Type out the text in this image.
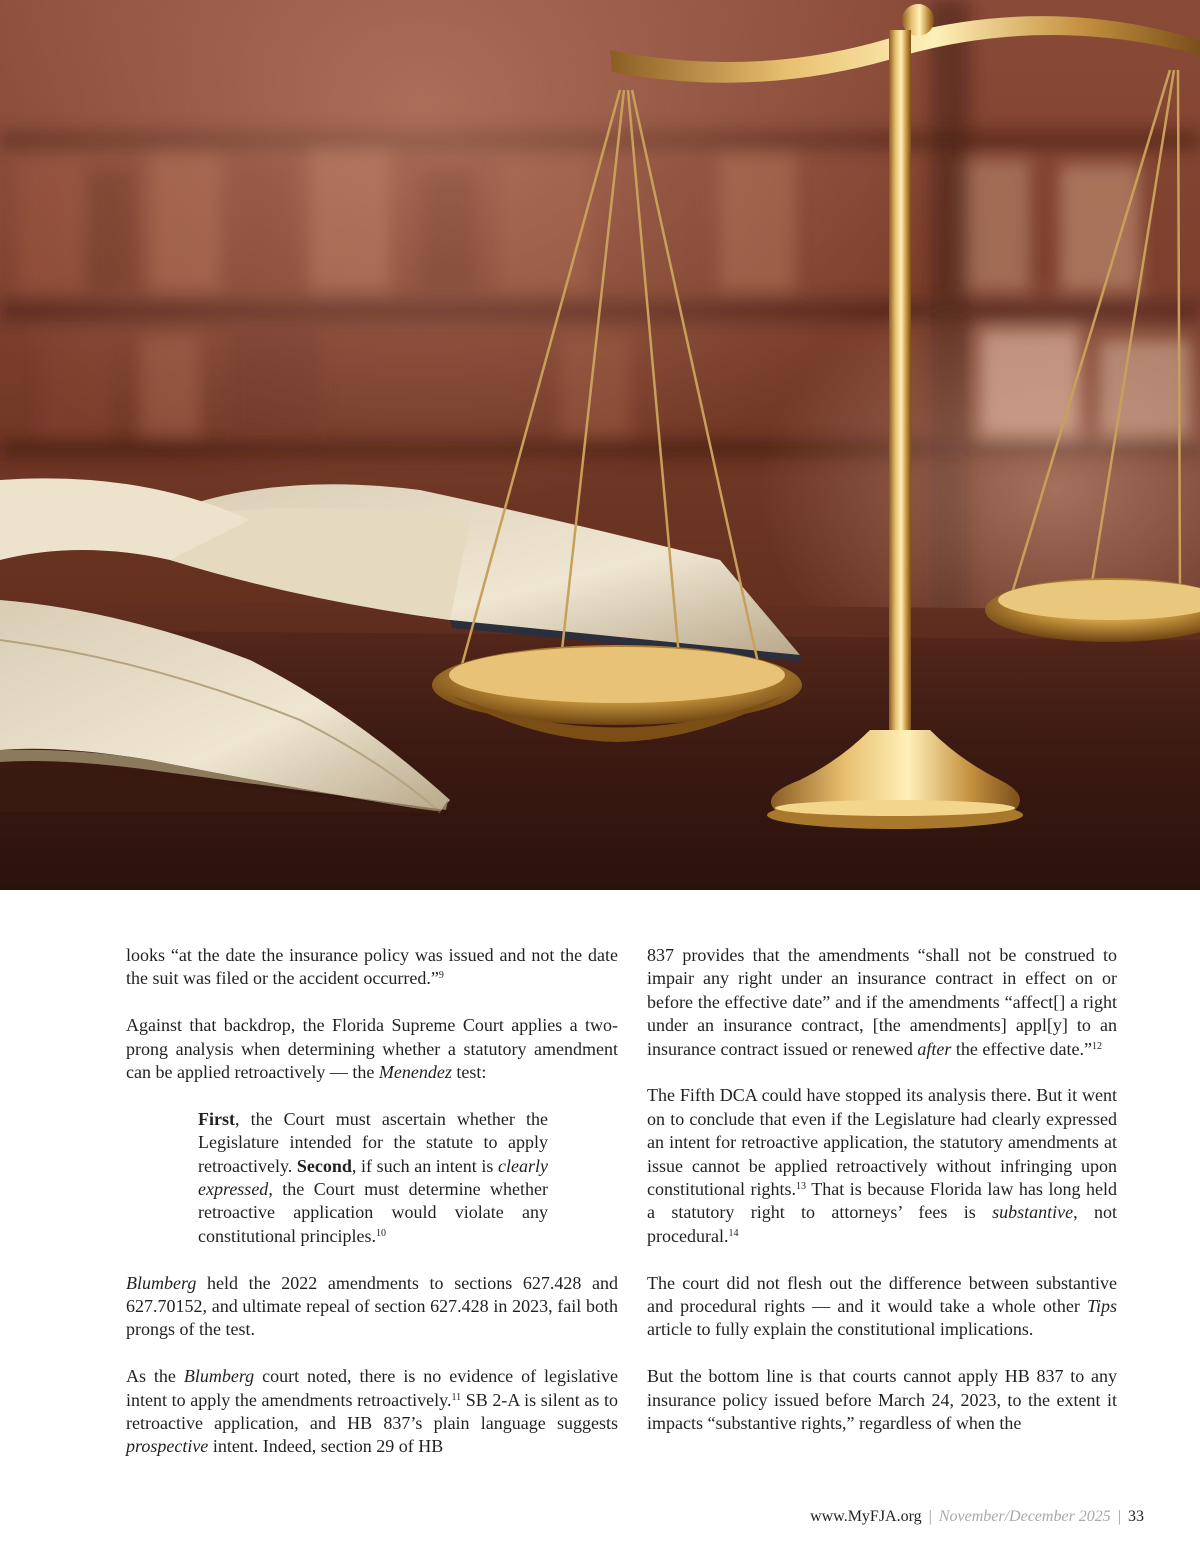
looks “at the date the insurance policy was issued and not the date the suit was filed or the accident occurred.”$^9$

Against that backdrop, the Florida Supreme Court applies a two-prong analysis when determining whether a statutory amendment can be applied retroactively — the Menendez test:

First, the Court must ascertain whether the Legislature intended for the statute to apply retroactively. Second, if such an intent is clearly expressed, the Court must determine whether retroactive application would violate any constitutional principles.$^{10}$

Blumberg held the 2022 amendments to sections 627.428 and 627.70152, and ultimate repeal of section 627.428 in 2023, fail both prongs of the test.

As the Blumberg court noted, there is no evidence of legislative intent to apply the amendments retroactively.$^{11}$ SB 2-A is silent as to retroactive application, and HB 837’s plain language suggests prospective intent. Indeed, section 29 of HB

837 provides that the amendments “shall not be construed to impair any right under an insurance contract in effect on or before the effective date” and if the amendments “affect[] a right under an insurance contract, [the amendments] appl[y] to an insurance contract issued or renewed after the effective date.”$^{12}$

The Fifth DCA could have stopped its analysis there. But it went on to conclude that even if the Legislature had clearly expressed an intent for retroactive application, the statutory amendments at issue cannot be applied retroactively without infringing upon constitutional rights.$^{13}$ That is because Florida law has long held a statutory right to attorneys’ fees is substantive, not procedural.$^{14}$

The court did not flesh out the difference between substantive and procedural rights — and it would take a whole other Tips article to fully explain the constitutional implications.

But the bottom line is that courts cannot apply HB 837 to any insurance policy issued before March 24, 2023, to the extent it impacts “substantive rights,” regardless of when the

www.MyFJA.org | November/December 2025 | 33
